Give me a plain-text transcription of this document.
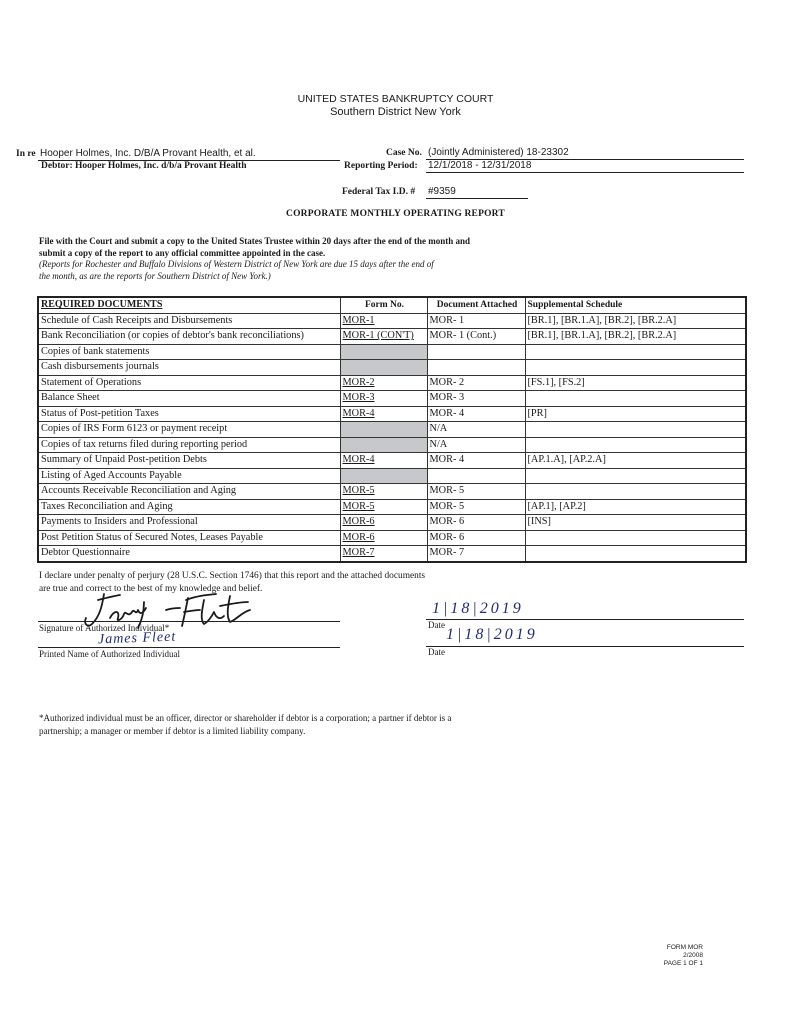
UNITED STATES BANKRUPTCY COURT
Southern District New York
In re Hooper Holmes, Inc. D/B/A Provant Health, et al.
Debtor: Hooper Holmes, Inc. d/b/a Provant Health
Case No. (Jointly Administered) 18-23302
Reporting Period: 12/1/2018 - 12/31/2018
Federal Tax I.D. # #9359
CORPORATE MONTHLY OPERATING REPORT
File with the Court and submit a copy to the United States Trustee within 20 days after the end of the month and
submit a copy of the report to any official committee appointed in the case.
(Reports for Rochester and Buffalo Divisions of Western District of New York are due 15 days after the end of
the month, as are the reports for Southern District of New York.)
REQUIRED DOCUMENTS	Form No.	Document Attached	Supplemental Schedule
Schedule of Cash Receipts and Disbursements	MOR-1	MOR- 1	[BR.1], [BR.1.A], [BR.2], [BR.2.A]
Bank Reconciliation (or copies of debtor's bank reconciliations)	MOR-1 (CON'T)	MOR- 1 (Cont.)	[BR.1], [BR.1.A], [BR.2], [BR.2.A]
Copies of bank statements			
Cash disbursements journals			
Statement of Operations	MOR-2	MOR- 2	[FS.1], [FS.2]
Balance Sheet	MOR-3	MOR- 3	
Status of Post-petition Taxes	MOR-4	MOR- 4	[PR]
Copies of IRS Form 6123 or payment receipt		N/A	
Copies of tax returns filed during reporting period		N/A	
Summary of Unpaid Post-petition Debts	MOR-4	MOR- 4	[AP.1.A], [AP.2.A]
Listing of Aged Accounts Payable			
Accounts Receivable Reconciliation and Aging	MOR-5	MOR- 5	
Taxes Reconciliation and Aging	MOR-5	MOR- 5	[AP.1], [AP.2]
Payments to Insiders and Professional	MOR-6	MOR- 6	[INS]
Post Petition Status of Secured Notes, Leases Payable	MOR-6	MOR- 6	
Debtor Questionnaire	MOR-7	MOR- 7	
I declare under penalty of perjury (28 U.S.C. Section 1746) that this report and the attached documents
are true and correct to the best of my knowledge and belief.
Signature of Authorized Individual*
James Fleet
Printed Name of Authorized Individual
1|18|2019
Date
1|18|2019
Date
*Authorized individual must be an officer, director or shareholder if debtor is a corporation; a partner if debtor is a
partnership; a manager or member if debtor is a limited liability company.
FORM MOR
2/2008
PAGE 1 OF 1
